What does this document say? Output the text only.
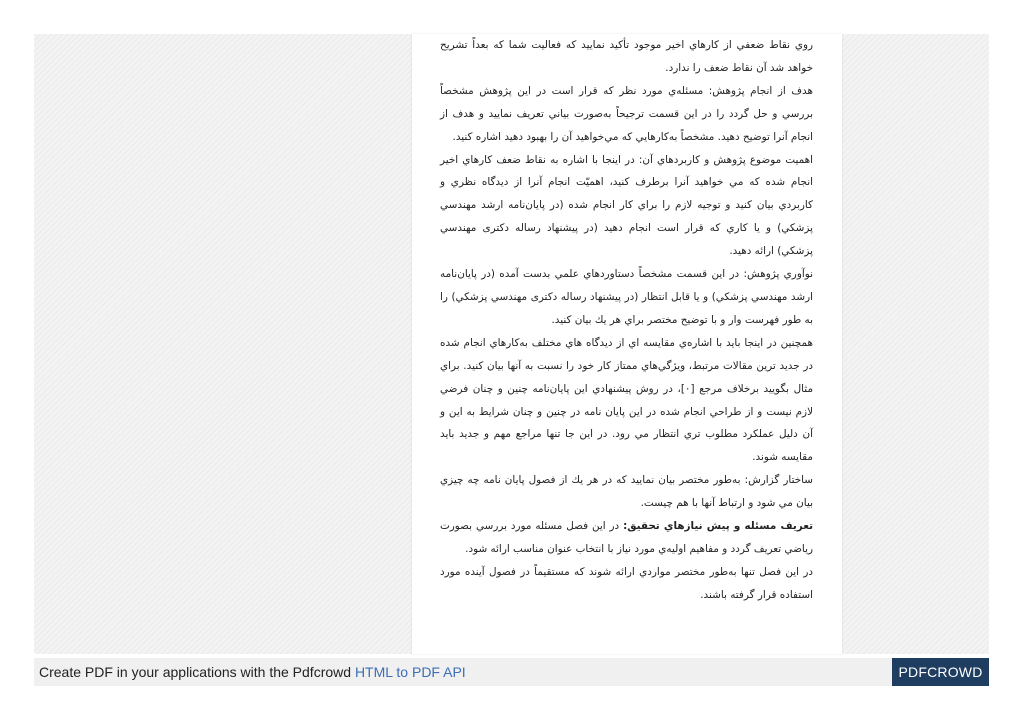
روي نقاط ضعفي از كارهاي اخير موجود تأكيد نماييد كه فعاليت شما كه بعداً تشريح خواهد شد آن نقاط ضعف را ندارد.

هدف از انجام پژوهش: مسئله‌ي مورد نظر كه قرار است در اين پژوهش مشخصاً بررسي و حل گردد را در اين قسمت ترجيحاً به‌صورت بياني تعريف نماييد و هدف از انجام آنرا توضيح دهيد. مشخصاً به‌كارهايي كه مي‌خواهيد آن را بهبود دهيد اشاره كنيد.

اهميت موضوع پژوهش و كاربردهاي آن: در اينجا با اشاره به نقاط ضعف كارهاي اخير انجام شده كه مي خواهيد آنرا برطرف كنيد، اهميّت انجام آنرا از ديدگاه نظري و كاربردي بيان كنيد و توجيه لازم را براي كار انجام شده (در پايان‌نامه ارشد مهندسي پزشكي) و يا كاري كه قرار است انجام دهيد (در پيشنهاد رساله دكترى مهندسي پزشكي) ارائه دهيد.

نوآوري پژوهش: در اين قسمت مشخصاً دستاوردهاي علمي بدست آمده (در پايان‌نامه ارشد مهندسي پزشكي) و يا قابل انتظار (در پيشنهاد رساله دكترى مهندسي پزشكي) را به طور فهرست وار و با توضيح مختصر براي هر يك بيان كنيد.

همچنين در اينجا بايد با اشاره‌ي مقايسه اي از ديدگاه هاي مختلف به‌كارهاي انجام شده در جديد ترين مقالات مرتبط، ويژگي‌هاي ممتاز كار خود را نسبت به آنها بيان كنيد. براي مثال بگوييد برخلاف مرجع [۰]، در روش پيشنهادي اين پايان‌نامه چنين و چنان فرضي لازم نيست و از طراحي انجام شده در اين پايان نامه در چنين و چنان شرايط به اين و آن دليل عملكرد مطلوب تري انتظار مي رود. در اين جا تنها مراجع مهم و جديد بايد مقايسه شوند.

ساختار گزارش: به‌طور مختصر بيان نماييد كه در هر يك از فصول پايان نامه چه چيزي بيان مي شود و ارتباط آنها با هم چيست.

تعريف مسئله و پيش نيازهاي تحقيق: در اين فصل مسئله مورد بررسي بصورت رياضي تعريف گردد و مفاهيم اوليه‌ي مورد نياز با انتخاب عنوان مناسب ارائه شود.

در اين فصل تنها به‌طور مختصر مواردي ارائه شوند كه مستقيماً در فصول آينده مورد استفاده قرار گرفته باشند.

Create PDF in your applications with the Pdfcrowd HTML to PDF API	PDFCROWD
